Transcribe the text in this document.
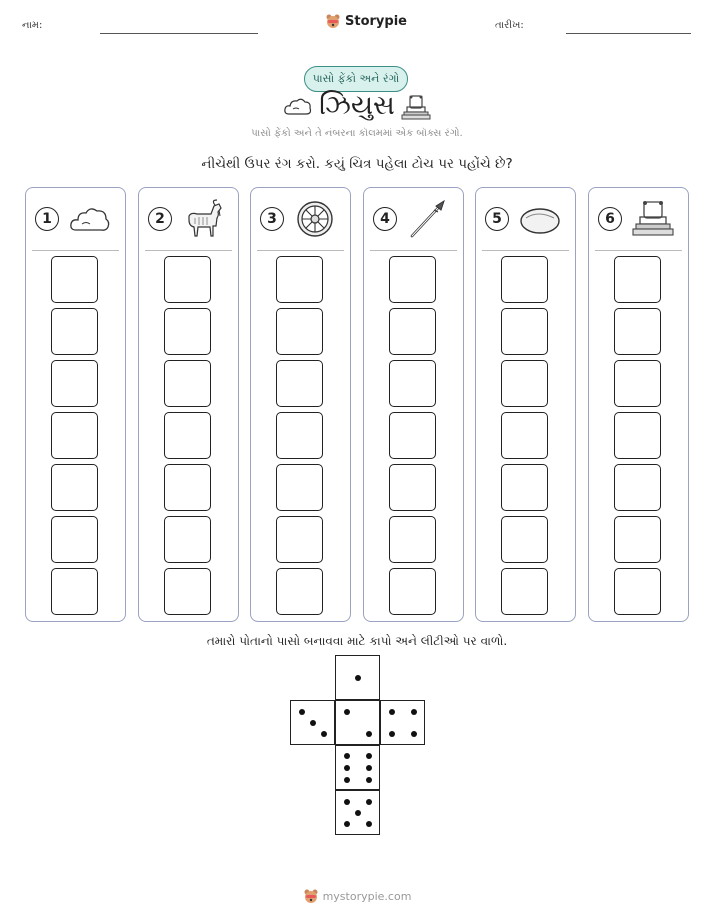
નામ:	Storypie	તારીખ:
પાસો ફેંકો અને રંગો
ઝિયુસ
પાસો ફેંકો અને તે નંબરના કૉલમમાં એક બૉક્સ રંગો.
નીચેથી ઉપર રંગ કરો. કયું ચિત્ર પહેલા ટોચ પર પહોંચે છે?
1	2	3	4	5	6
તમારો પોતાનો પાસો બનાવવા માટે કાપો અને લીટીઓ પર વાળો.
mystorypie.com
